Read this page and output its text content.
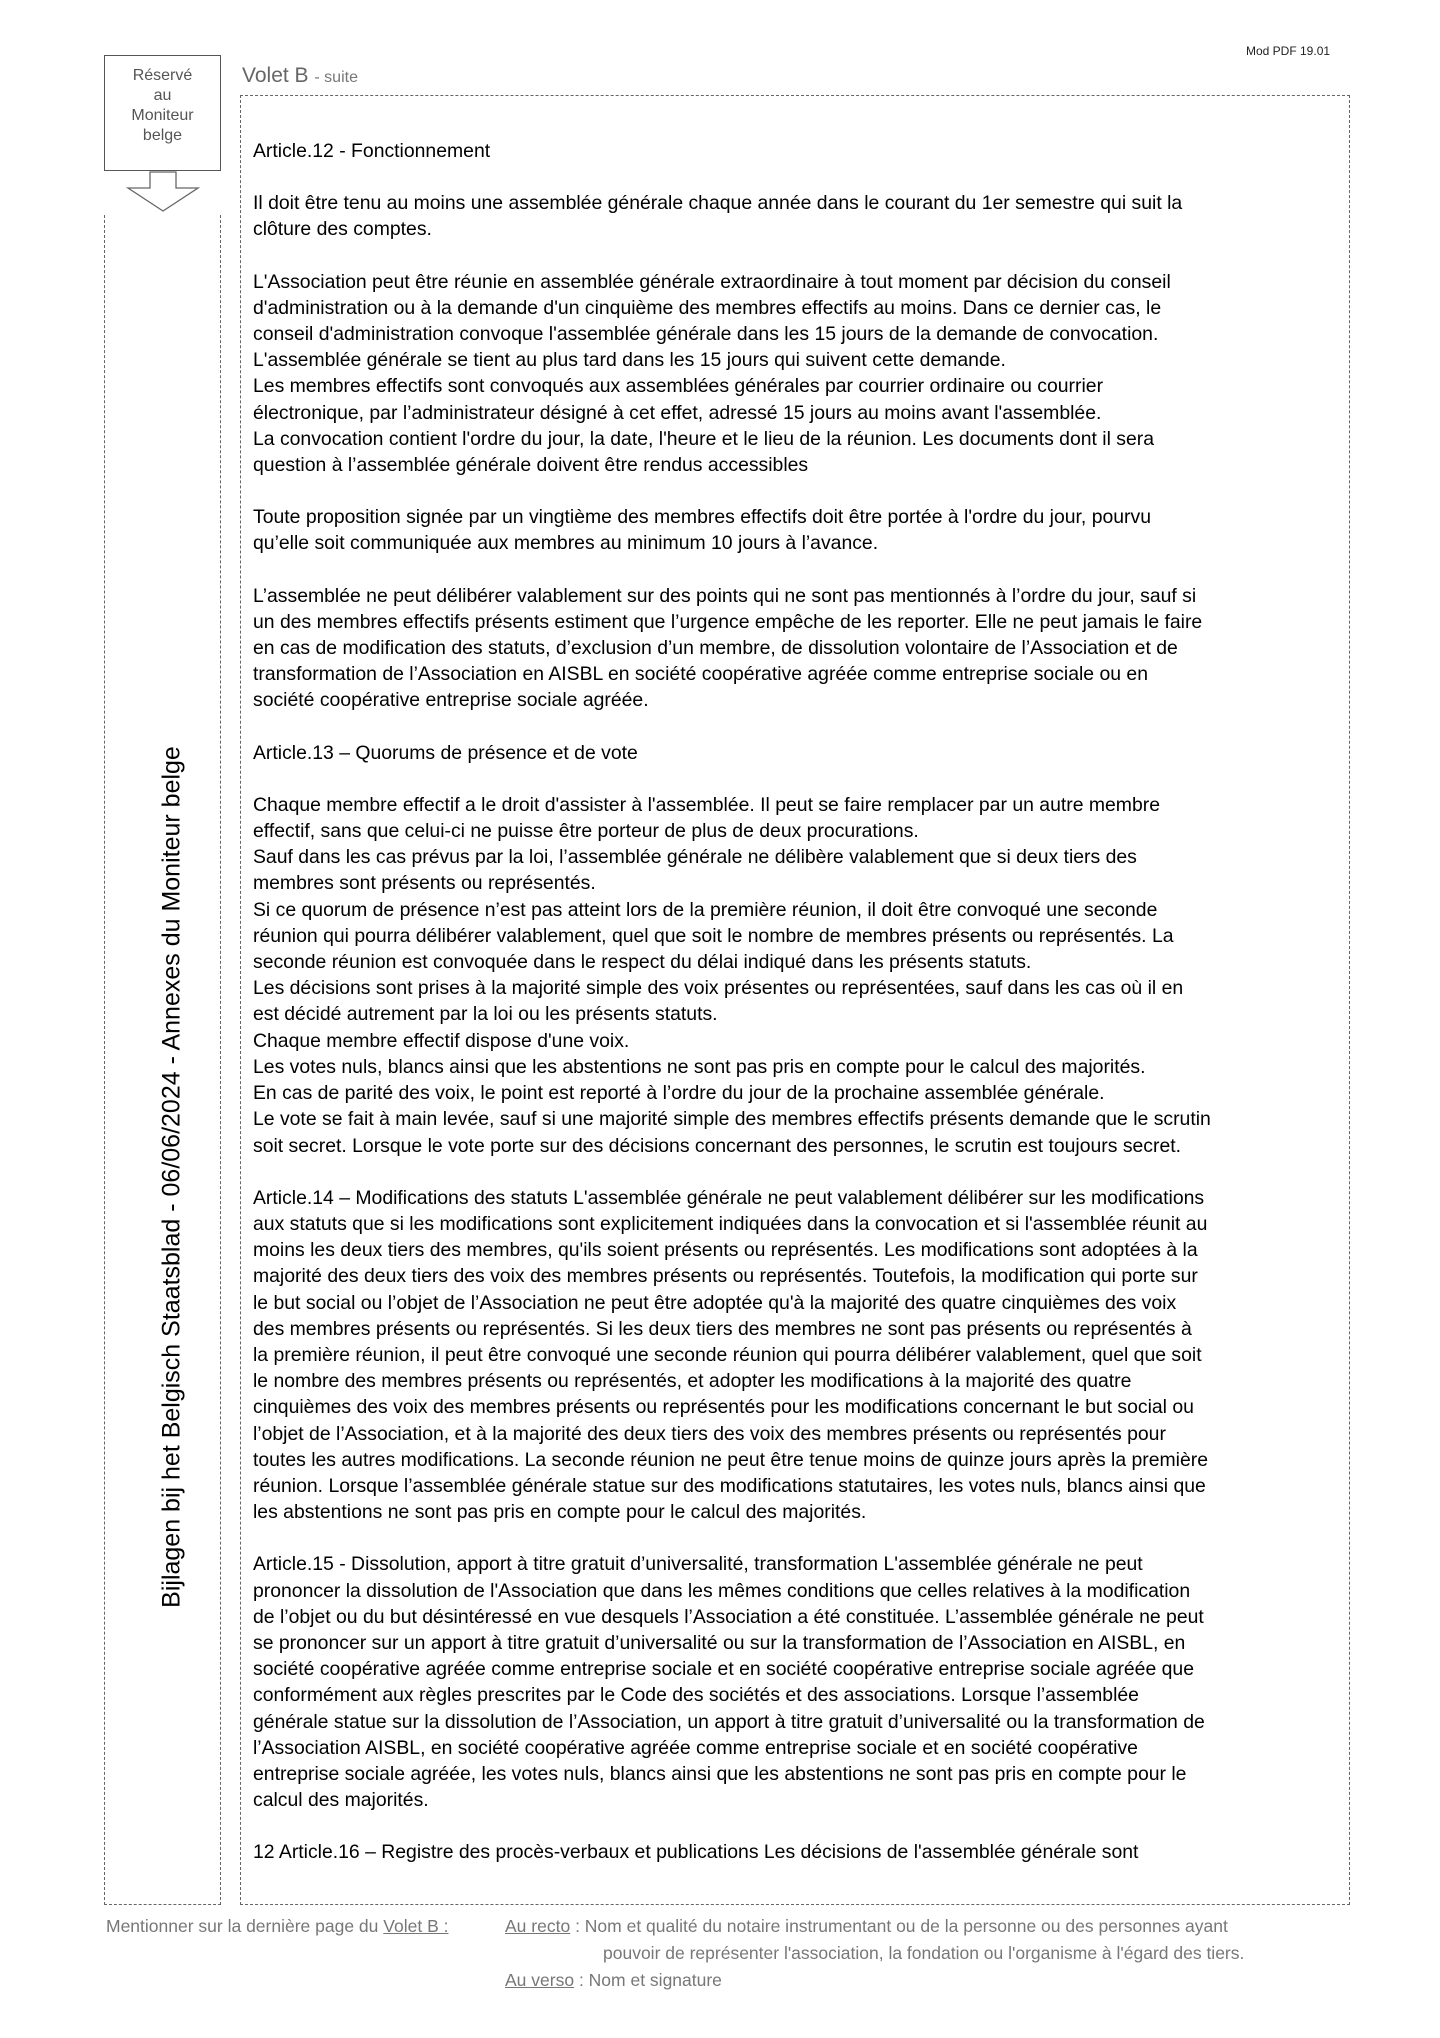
Mod PDF 19.01
Réservé
au
Moniteur
belge
Bijlagen bij het Belgisch Staatsblad - 06/06/2024 - Annexes du Moniteur belge
Volet B - suite

Article.12 - Fonctionnement

Il doit être tenu au moins une assemblée générale chaque année dans le courant du 1er semestre qui suit la
clôture des comptes.

L'Association peut être réunie en assemblée générale extraordinaire à tout moment par décision du conseil
d'administration ou à la demande d'un cinquième des membres effectifs au moins. Dans ce dernier cas, le
conseil d'administration convoque l'assemblée générale dans les 15 jours de la demande de convocation.
L'assemblée générale se tient au plus tard dans les 15 jours qui suivent cette demande.
Les membres effectifs sont convoqués aux assemblées générales par courrier ordinaire ou courrier
électronique, par l’administrateur désigné à cet effet, adressé 15 jours au moins avant l'assemblée.
La convocation contient l'ordre du jour, la date, l'heure et le lieu de la réunion. Les documents dont il sera
question à l’assemblée générale doivent être rendus accessibles

Toute proposition signée par un vingtième des membres effectifs doit être portée à l'ordre du jour, pourvu
qu’elle soit communiquée aux membres au minimum 10 jours à l’avance.

L’assemblée ne peut délibérer valablement sur des points qui ne sont pas mentionnés à l’ordre du jour, sauf si
un des membres effectifs présents estiment que l’urgence empêche de les reporter. Elle ne peut jamais le faire
en cas de modification des statuts, d’exclusion d’un membre, de dissolution volontaire de l’Association et de
transformation de l’Association en AISBL en société coopérative agréée comme entreprise sociale ou en
société coopérative entreprise sociale agréée.

Article.13 – Quorums de présence et de vote

Chaque membre effectif a le droit d'assister à l'assemblée. Il peut se faire remplacer par un autre membre
effectif, sans que celui-ci ne puisse être porteur de plus de deux procurations.
Sauf dans les cas prévus par la loi, l’assemblée générale ne délibère valablement que si deux tiers des
membres sont présents ou représentés.
Si ce quorum de présence n’est pas atteint lors de la première réunion, il doit être convoqué une seconde
réunion qui pourra délibérer valablement, quel que soit le nombre de membres présents ou représentés. La
seconde réunion est convoquée dans le respect du délai indiqué dans les présents statuts.
Les décisions sont prises à la majorité simple des voix présentes ou représentées, sauf dans les cas où il en
est décidé autrement par la loi ou les présents statuts.
Chaque membre effectif dispose d'une voix.
Les votes nuls, blancs ainsi que les abstentions ne sont pas pris en compte pour le calcul des majorités.
En cas de parité des voix, le point est reporté à l’ordre du jour de la prochaine assemblée générale.
Le vote se fait à main levée, sauf si une majorité simple des membres effectifs présents demande que le scrutin
soit secret. Lorsque le vote porte sur des décisions concernant des personnes, le scrutin est toujours secret.

Article.14 – Modifications des statuts L'assemblée générale ne peut valablement délibérer sur les modifications
aux statuts que si les modifications sont explicitement indiquées dans la convocation et si l'assemblée réunit au
moins les deux tiers des membres, qu'ils soient présents ou représentés. Les modifications sont adoptées à la
majorité des deux tiers des voix des membres présents ou représentés. Toutefois, la modification qui porte sur
le but social ou l’objet de l’Association ne peut être adoptée qu'à la majorité des quatre cinquièmes des voix
des membres présents ou représentés. Si les deux tiers des membres ne sont pas présents ou représentés à
la première réunion, il peut être convoqué une seconde réunion qui pourra délibérer valablement, quel que soit
le nombre des membres présents ou représentés, et adopter les modifications à la majorité des quatre
cinquièmes des voix des membres présents ou représentés pour les modifications concernant le but social ou
l’objet de l’Association, et à la majorité des deux tiers des voix des membres présents ou représentés pour
toutes les autres modifications. La seconde réunion ne peut être tenue moins de quinze jours après la première
réunion. Lorsque l’assemblée générale statue sur des modifications statutaires, les votes nuls, blancs ainsi que
les abstentions ne sont pas pris en compte pour le calcul des majorités.

Article.15 - Dissolution, apport à titre gratuit d’universalité, transformation L'assemblée générale ne peut
prononcer la dissolution de l'Association que dans les mêmes conditions que celles relatives à la modification
de l’objet ou du but désintéressé en vue desquels l’Association a été constituée. L’assemblée générale ne peut
se prononcer sur un apport à titre gratuit d’universalité ou sur la transformation de l’Association en AISBL, en
société coopérative agréée comme entreprise sociale et en société coopérative entreprise sociale agréée que
conformément aux règles prescrites par le Code des sociétés et des associations. Lorsque l’assemblée
générale statue sur la dissolution de l’Association, un apport à titre gratuit d’universalité ou la transformation de
l’Association AISBL, en société coopérative agréée comme entreprise sociale et en société coopérative
entreprise sociale agréée, les votes nuls, blancs ainsi que les abstentions ne sont pas pris en compte pour le
calcul des majorités.

12 Article.16 – Registre des procès-verbaux et publications Les décisions de l'assemblée générale sont

Mentionner sur la dernière page du Volet B :	Au recto : Nom et qualité du notaire instrumentant ou de la personne ou des personnes ayant
pouvoir de représenter l'association, la fondation ou l'organisme à l'égard des tiers.
Au verso : Nom et signature
